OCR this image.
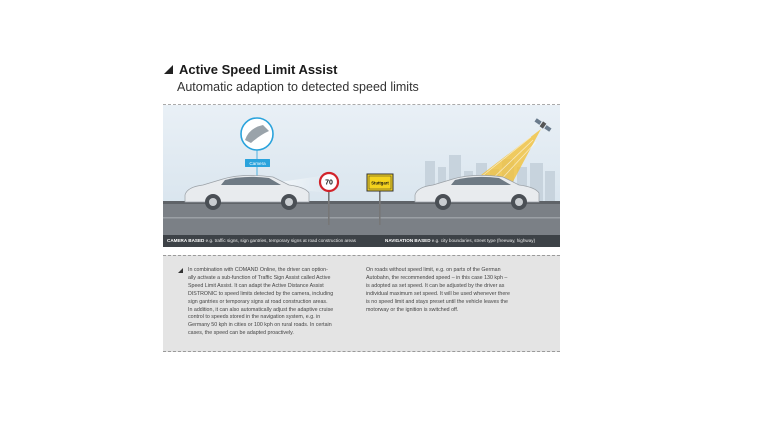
Active Speed Limit Assist
Automatic adaption to detected speed limits
Camera
70	Stuttgart
CAMERA BASED e.g. traffic signs, sign gantries, temporary signs at road construction areas	NAVIGATION BASED e.g. city boundaries, street type (freeway, highway)
In combination with COMAND Online, the driver can option-
ally activate a sub-function of Traffic Sign Assist called Active
Speed Limit Assist. It can adapt the Active Distance Assist
DISTRONIC to speed limits detected by the camera, including
sign gantries or temporary signs at road construction areas.
In addition, it can also automatically adjust the adaptive cruise
control to speeds stored in the navigation system, e.g. in
Germany 50 kph in cities or 100 kph on rural roads. In certain
cases, the speed can be adapted proactively.
On roads without speed limit, e.g. on parts of the German
Autobahn, the recommended speed – in this case 130 kph –
is adopted as set speed. It can be adjusted by the driver as
individual maximum set speed. It will be used whenever there
is no speed limit and stays preset until the vehicle leaves the
motorway or the ignition is switched off.
